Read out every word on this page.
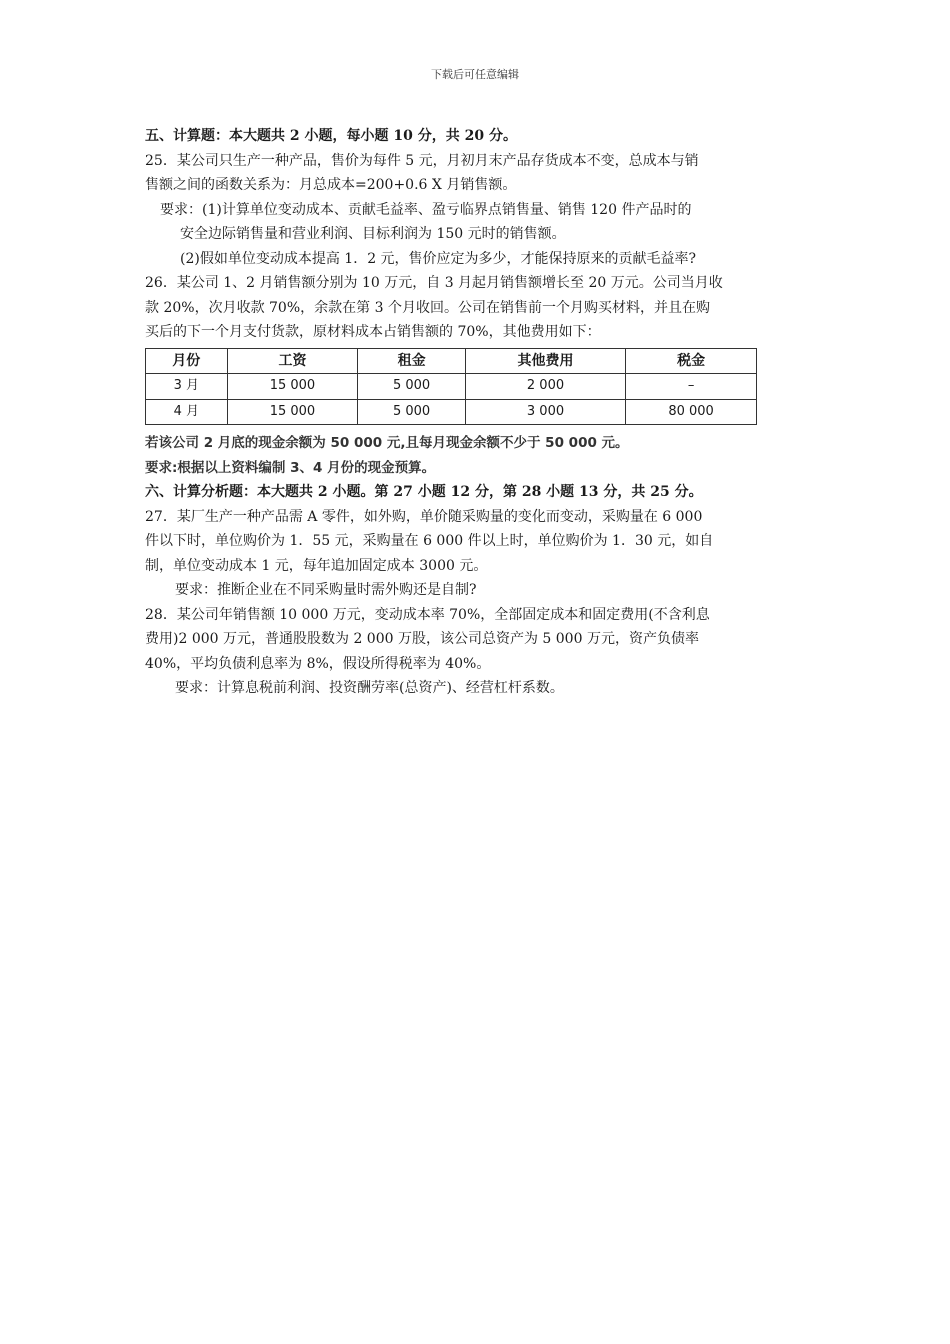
下载后可任意编辑
五、计算题：本大题共 2 小题，每小题 10 分，共 20 分。
25．某公司只生产一种产品，售价为每件 5 元，月初月末产品存货成本不变，总成本与销
售额之间的函数关系为：月总成本=200+0.6 X 月销售额。
要求：(1)计算单位变动成本、贡献毛益率、盈亏临界点销售量、销售 120 件产品时的
安全边际销售量和营业利润、目标利润为 150 元时的销售额。
(2)假如单位变动成本提高 1．2 元，售价应定为多少，才能保持原来的贡献毛益率?
26．某公司 1、2 月销售额分别为 10 万元，自 3 月起月销售额增长至 20 万元。公司当月收
款 20%，次月收款 70%，余款在第 3 个月收回。公司在销售前一个月购买材料，并且在购
买后的下一个月支付货款，原材料成本占销售额的 70%，其他费用如下：
月份	工资	租金	其他费用	税金
3 月	15 000	5 000	2 000	–
4 月	15 000	5 000	3 000	80 000
若该公司 2 月底的现金余额为 50 000 元,且每月现金余额不少于 50 000 元。
要求:根据以上资料编制 3、4 月份的现金预算。
六、计算分析题：本大题共 2 小题。第 27 小题 12 分，第 28 小题 13 分，共 25 分。
27．某厂生产一种产品需 A 零件，如外购，单价随采购量的变化而变动，采购量在 6 000
件以下时，单位购价为 1．55 元，采购量在 6 000 件以上时，单位购价为 1．30 元，如自
制，单位变动成本 1 元，每年追加固定成本 3000 元。
要求：推断企业在不同采购量时需外购还是自制?
28．某公司年销售额 10 000 万元，变动成本率 70%，全部固定成本和固定费用(不含利息
费用)2 000 万元，普通股股数为 2 000 万股，该公司总资产为 5 000 万元，资产负债率
40%，平均负债利息率为 8%，假设所得税率为 40%。
要求：计算息税前利润、投资酬劳率(总资产)、经营杠杆系数。
